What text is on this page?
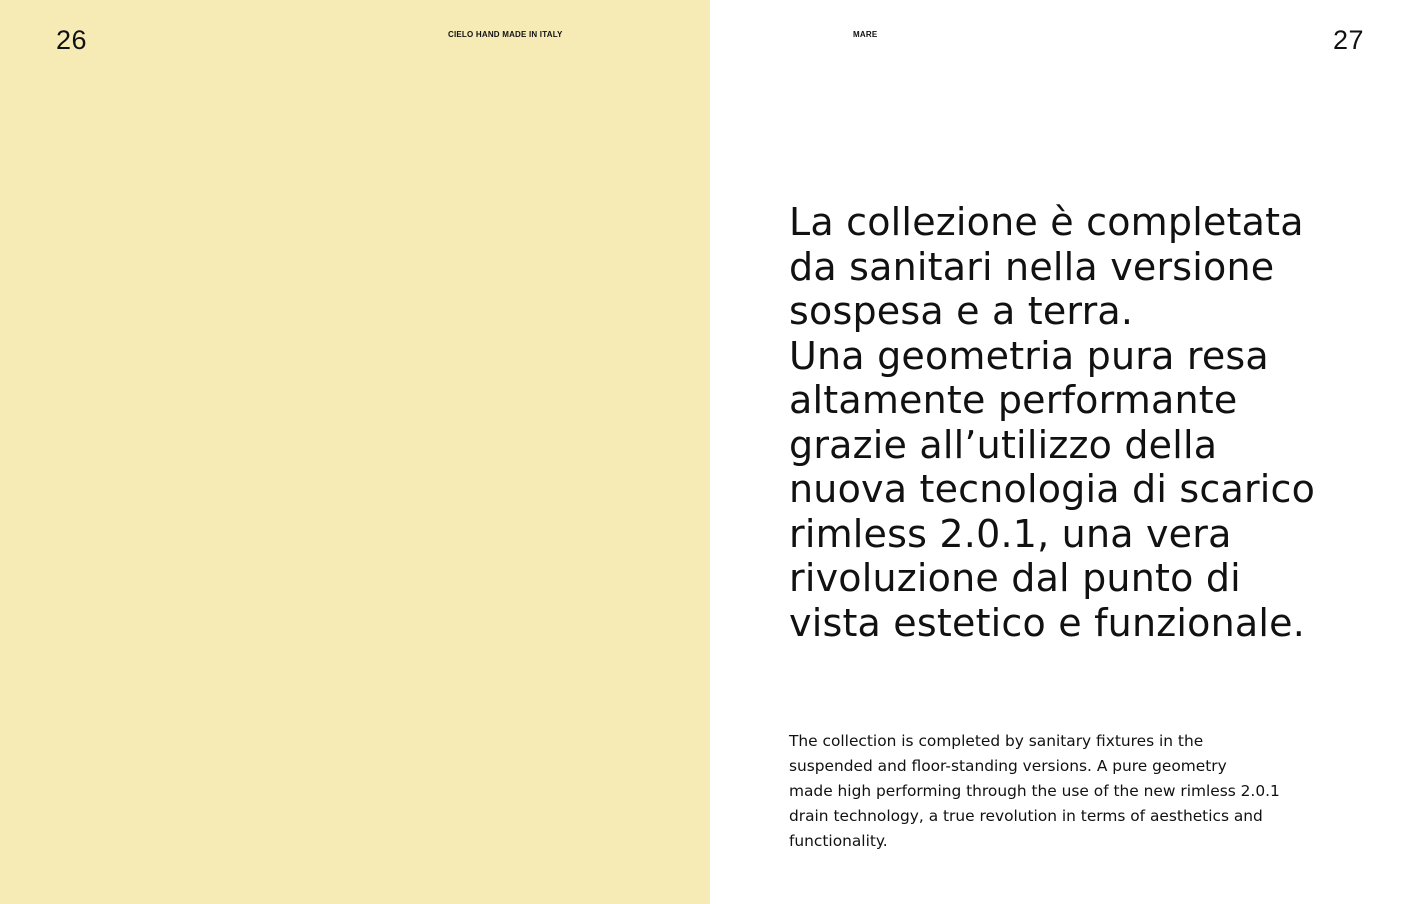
26	CIELO HAND MADE IN ITALY	MARE	27

La collezione è completata
da sanitari nella versione
sospesa e a terra.
Una geometria pura resa
altamente performante
grazie all’utilizzo della
nuova tecnologia di scarico
rimless 2.0.1, una vera
rivoluzione dal punto di
vista estetico e funzionale.

The collection is completed by sanitary fixtures in the
suspended and floor-standing versions. A pure geometry
made high performing through the use of the new rimless 2.0.1
drain technology, a true revolution in terms of aesthetics and
functionality.
